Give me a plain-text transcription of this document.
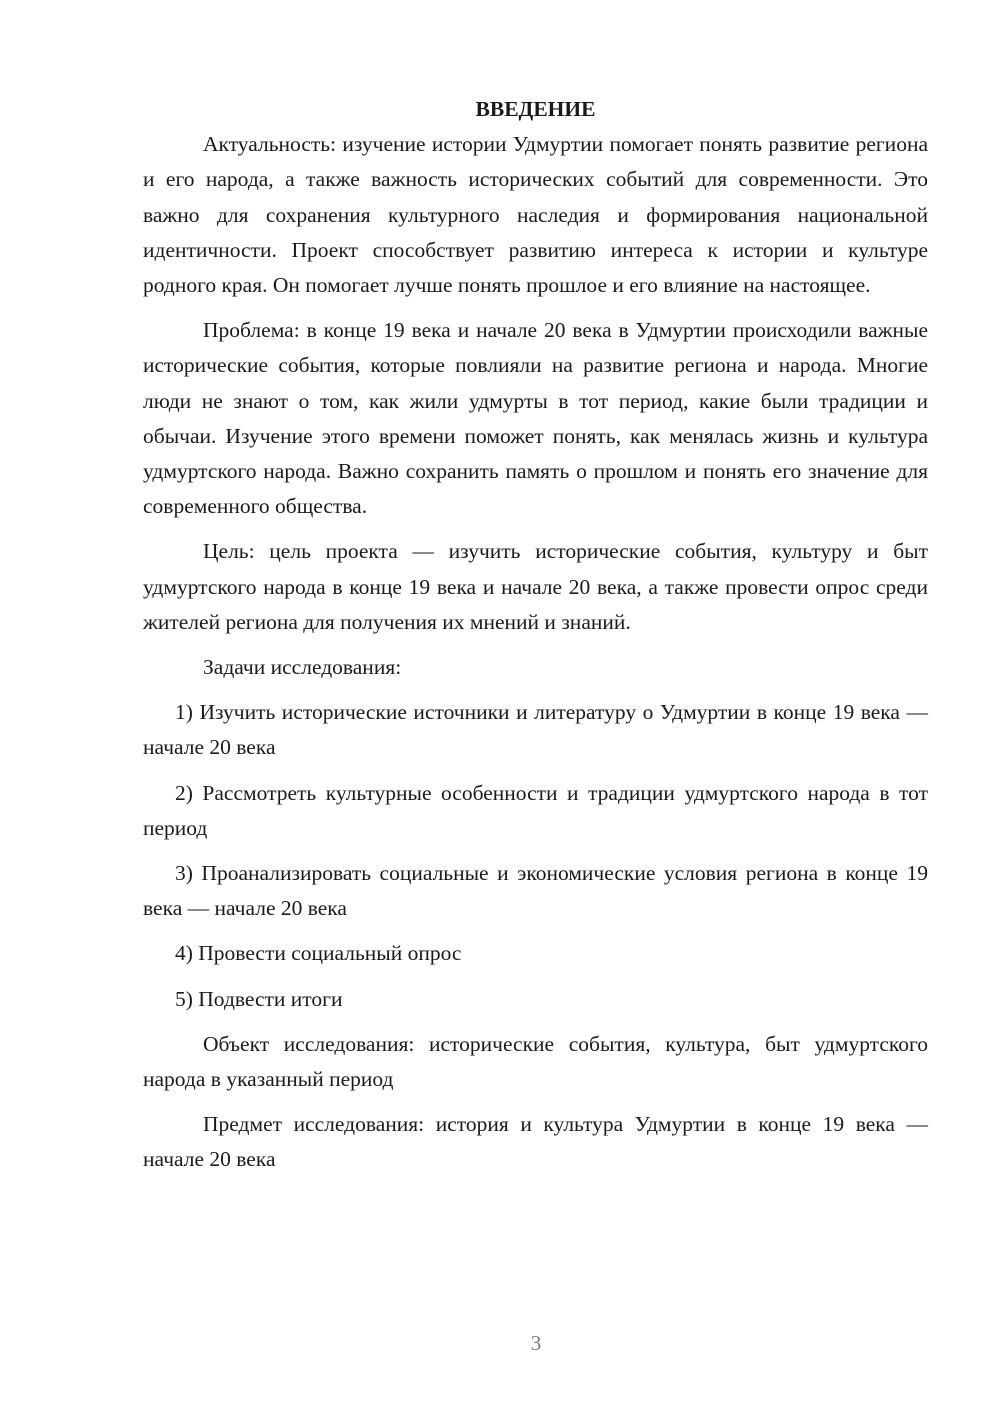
ВВЕДЕНИЕ

Актуальность: изучение истории Удмуртии помогает понять развитие региона и его народа, а также важность исторических событий для современности. Это важно для сохранения культурного наследия и формирования национальной идентичности. Проект способствует развитию интереса к истории и культуре родного края. Он помогает лучше понять прошлое и его влияние на настоящее.

Проблема: в конце 19 века и начале 20 века в Удмуртии происходили важные исторические события, которые повлияли на развитие региона и народа. Многие люди не знают о том, как жили удмурты в тот период, какие были традиции и обычаи. Изучение этого времени поможет понять, как менялась жизнь и культура удмуртского народа. Важно сохранить память о прошлом и понять его значение для современного общества.

Цель: цель проекта — изучить исторические события, культуру и быт удмуртского народа в конце 19 века и начале 20 века, а также провести опрос среди жителей региона для получения их мнений и знаний.

Задачи исследования:

1) Изучить исторические источники и литературу о Удмуртии в конце 19 века — начале 20 века

2) Рассмотреть культурные особенности и традиции удмуртского народа в тот период

3) Проанализировать социальные и экономические условия региона в конце 19 века — начале 20 века

4) Провести социальный опрос

5) Подвести итоги

Объект исследования: исторические события, культура, быт удмуртского народа в указанный период

Предмет исследования: история и культура Удмуртии в конце 19 века — начале 20 века

3
